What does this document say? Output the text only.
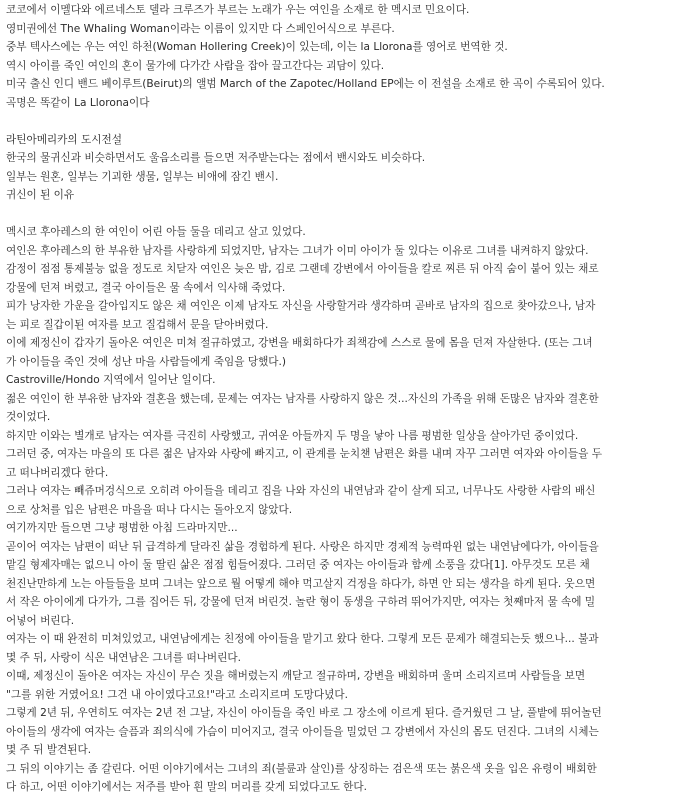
코코에서 이멜다와 에르네스토 델라 크루즈가 부르는 노래가 우는 여인을 소재로 한 멕시코 민요이다.
영미권에선 The Whaling Woman이라는 이름이 있지만 다 스페인어식으로 부른다.
중부 텍사스에는 우는 여인 하천(Woman Hollering Creek)이 있는데, 이는 la Llorona를 영어로 번역한 것.
역시 아이를 죽인 여인의 혼이 물가에 다가간 사람을 잡아 끌고간다는 괴담이 있다.
미국 출신 인디 밴드 베이루트(Beirut)의 앨범 March of the Zapotec/Holland EP에는 이 전설을 소재로 한 곡이 수록되어 있다.
곡명은 똑같이 La Llorona이다
라틴아메리카의 도시전설
한국의 물귀신과 비슷하면서도 울음소리를 들으면 저주받는다는 점에서 밴시와도 비슷하다.
일부는 원혼, 일부는 기괴한 생물, 일부는 비애에 잠긴 밴시.
귀신이 된 이유
멕시코 후아레스의 한 여인이 어린 아들 둘을 데리고 살고 있었다.
여인은 후아레스의 한 부유한 남자를 사랑하게 되었지만, 남자는 그녀가 이미 아이가 둘 있다는 이유로 그녀를 내켜하지 않았다.
감정이 점점 통제불능 없을 정도로 치닫자 여인은 늦은 밤, 김로 그랜데 강변에서 아이들을 칼로 찌른 뒤 아직 숨이 붙어 있는 채로
강물에 던져 버렸고, 결국 아이들은 물 속에서 익사해 죽었다.
피가 낭자한 가운을 갈아입지도 않은 채 여인은 이제 남자도 자신을 사랑할거라 생각하며 곧바로 남자의 집으로 찾아갔으나, 남자
는 피로 질갑이된 여자를 보고 질겁해서 문을 닫아버렸다.
이에 제정신이 갑자기 돌아온 여인은 미쳐 절규하였고, 강변을 배회하다가 죄책감에 스스로 물에 몸을 던져 자살한다. (또는 그녀
가 아이들을 죽인 것에 성난 마을 사람들에게 죽임을 당했다.)
Castroville/Hondo 지역에서 일어난 일이다.
젊은 여인이 한 부유한 남자와 결혼을 했는데, 문제는 여자는 남자를 사랑하지 않은 것...자신의 가족을 위해 돈많은 남자와 결혼한
것이었다.
하지만 이와는 별개로 남자는 여자를 극진히 사랑했고, 귀여운 아들까지 두 명을 낳아 나름 평범한 일상을 살아가던 중이었다.
그러던 중, 여자는 마을의 또 다른 젊은 남자와 사랑에 빠지고, 이 관계를 눈치챈 남편은 화를 내며 자꾸 그러면 여자와 아이들을 두
고 떠나버리겠다 한다.
그러나 여자는 빼쥬머겅식으로 오히려 아이들을 데리고 집을 나와 자신의 내연남과 같이 살게 되고, 너무나도 사랑한 사람의 배신
으로 상처를 입은 남편은 마을을 떠나 다시는 돌아오지 않았다.
여기까지만 들으면 그냥 평범한 아침 드라마지만...
곧이어 여자는 남편이 떠난 뒤 급격하게 달라진 삶을 경험하게 된다. 사랑은 하지만 경제적 능력따윈 없는 내연남에다가, 아이들을
맡길 형제자매는 없으니 아이 둘 딸린 삶은 점점 힘들어졌다. 그러던 중 여자는 아이들과 함께 소풍을 갔다[1]. 아무것도 모른 채
천진난만하게 노는 아들들을 보며 그녀는 앞으로 뭘 어떻게 해야 먹고살지 걱정을 하다가, 하면 안 되는 생각을 하게 된다. 웃으면
서 작은 아이에게 다가가, 그를 집어든 뒤, 강물에 던져 버린것. 놀란 형이 동생을 구하려 뛰어가지만, 여자는 첫째마저 물 속에 밀
어넣어 버린다.
여자는 이 때 완전히 미쳐있었고, 내연남에게는 친정에 아이들을 맡기고 왔다 한다. 그렇게 모든 문제가 해결되는듯 했으나... 불과
몇 주 뒤, 사랑이 식은 내연남은 그녀를 떠나버린다.
이때, 제정신이 돌아온 여자는 자신이 무슨 짓을 해버렸는지 깨닫고 절규하며, 강변을 배회하며 울며 소리지르며 사람들을 보면
"그를 위한 거였어요! 그건 내 아이였다고요!"라고 소리지르며 도망다녔다.
그렇게 2년 뒤, 우연히도 여자는 2년 전 그날, 자신이 아이들을 죽인 바로 그 장소에 이르게 된다. 즐거웠던 그 날, 풀밭에 뛰어놀던
아이들의 생각에 여자는 슬픔과 죄의식에 가슴이 미어지고, 결국 아이들을 밀었던 그 강변에서 자신의 몸도 던진다. 그녀의 시체는
몇 주 뒤 발견된다.
그 뒤의 이야기는 좀 갈린다. 어떤 이야기에서는 그녀의 죄(불륜과 살인)를 상징하는 검은색 또는 붉은색 옷을 입은 유령이 배회한
다 하고, 어떤 이야기에서는 저주를 받아 흰 말의 머리를 갖게 되었다고도 한다.
